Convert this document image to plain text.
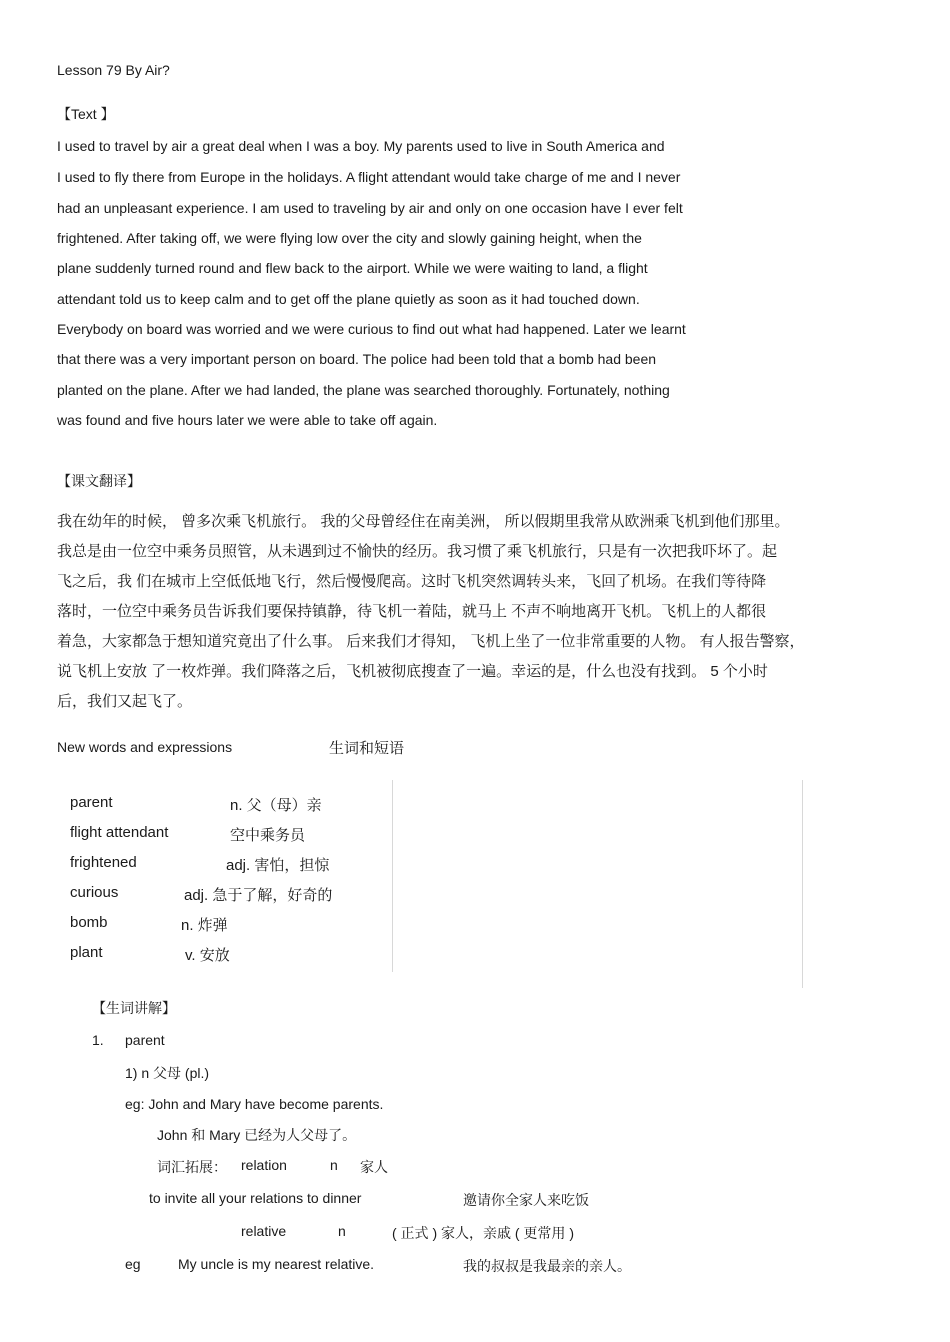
Lesson 79 By Air?
【Text 】
I used to travel by air a great deal when I was a boy. My parents used to live in South America and
I used to fly there from Europe in the holidays. A flight attendant would take charge of me and I never
had an unpleasant experience. I am used to traveling by air and only on one occasion have I ever felt
frightened. After taking off, we were flying low over the city and slowly gaining height, when the
plane suddenly turned round and flew back to the airport. While we were waiting to land, a flight
attendant told us to keep calm and to get off the plane quietly as soon as it had touched down.
Everybody on board was worried and we were curious to find out what had happened. Later we learnt
that there was a very important person on board. The police had been told that a bomb had been
planted on the plane. After we had landed, the plane was searched thoroughly. Fortunately, nothing
was found and five hours later we were able to take off again.
【课文翻译】
我在幼年的时候， 曾多次乘飞机旅行。 我的父母曾经住在南美洲， 所以假期里我常从欧洲乘飞机到他们那里。
我总是由一位空中乘务员照管，从未遇到过不愉快的经历。我习惯了乘飞机旅行，只是有一次把我吓坏了。起
飞之后，我 们在城市上空低低地飞行，然后慢慢爬高。这时飞机突然调转头来，飞回了机场。在我们等待降
落时，一位空中乘务员告诉我们要保持镇静，待飞机一着陆，就马上 不声不响地离开飞机。飞机上的人都很
着急，大家都急于想知道究竟出了什么事。 后来我们才得知， 飞机上坐了一位非常重要的人物。 有人报告警察，
说飞机上安放 了一枚炸弹。我们降落之后，飞机被彻底搜查了一遍。幸运的是，什么也没有找到。 5 个小时
后，我们又起飞了。
New words and expressions	生词和短语
parent	n. 父（母）亲
flight attendant	空中乘务员
frightened	adj. 害怕，担惊
curious	adj. 急于了解，好奇的
bomb	n. 炸弹
plant	v. 安放
【生词讲解】
1. parent
1) n 父母 (pl.)
eg: John and Mary have become parents.
John 和 Mary 已经为人父母了。
词汇拓展： relation	n 家人
to invite all your relations to dinner	邀请你全家人来吃饭
relative	n	( 正式 ) 家人，亲戚 ( 更常用 )
eg	My uncle is my nearest relative.	我的叔叔是我最亲的亲人。
